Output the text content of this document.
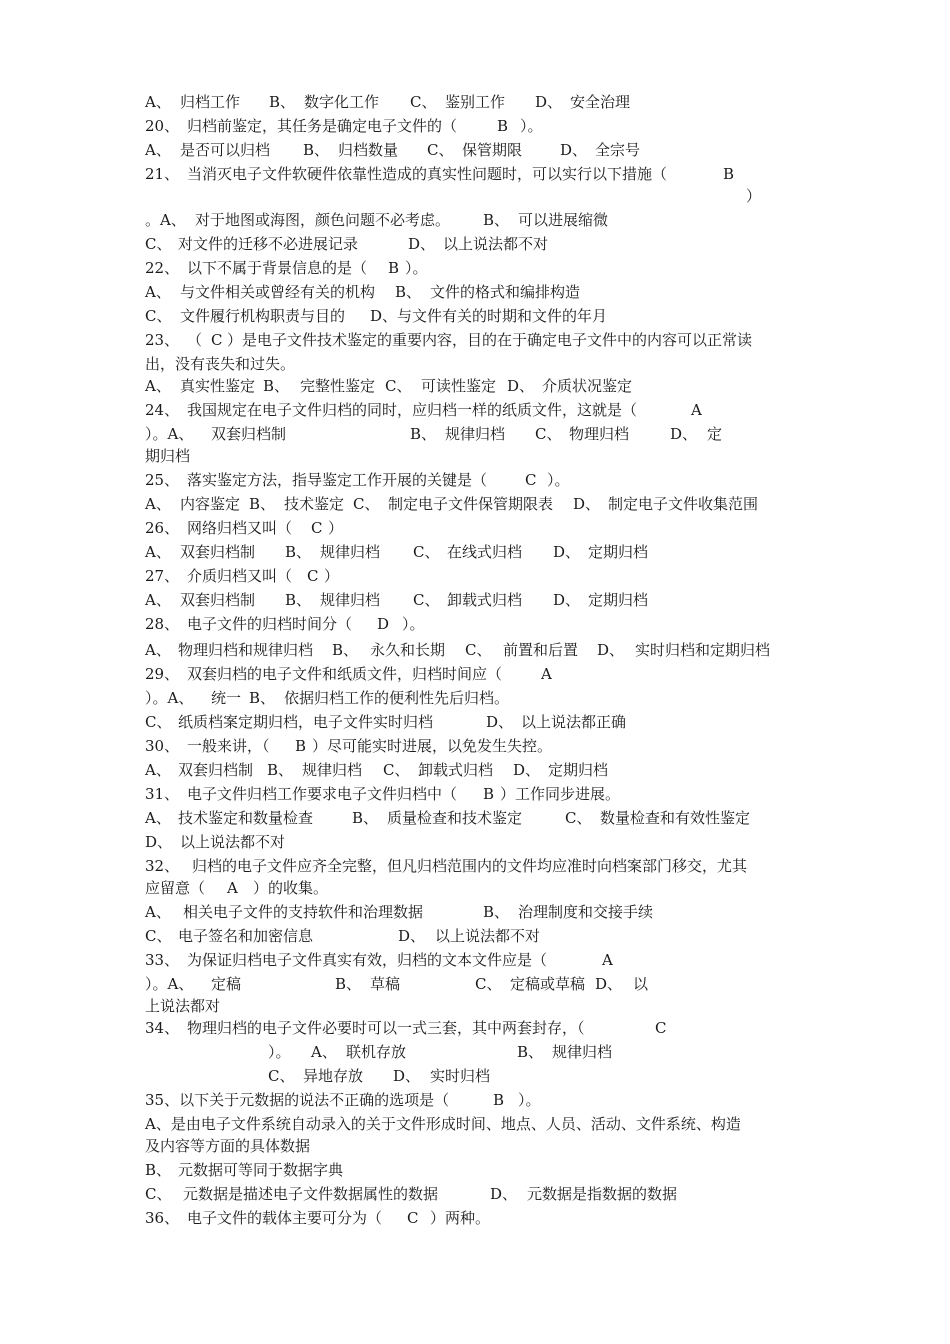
A、 归档工作 B、 数字化工作 C、 鉴别工作 D、 安全治理
20、 归档前鉴定，其任务是确定电子文件的（	B ）。
A、 是否可以归档 B、 归档数量 C、 保管期限	D、 全宗号
21、 当消灭电子文件软硬件依靠性造成的真实性问题时，可以实行以下措施（	B
）
。A、 对于地图或海图，颜色问题不必考虑。 B、 可以进展缩微
C、 对文件的迁移不必进展记录	D、 以上说法都不对
22、 以下不属于背景信息的是（ B ）。
A、 与文件相关或曾经有关的机构 B、 文件的格式和编排构造
C、 文件履行机构职责与目的 D、与文件有关的时期和文件的年月
23、 （ C ）是电子文件技术鉴定的重要内容，目的在于确定电子文件中的内容可以正常读
出，没有丧失和过失。
A、 真实性鉴定 B、 完整性鉴定 C、 可读性鉴定 D、 介质状况鉴定
24、 我国规定在电子文件归档的同时，应归档一样的纸质文件，这就是（	A
）。A、 双套归档制	B、 规律归档 C、 物理归档	D、 定
期归档
25、 落实鉴定方法，指导鉴定工作开展的关键是（	C ）。
A、 内容鉴定 B、 技术鉴定 C、 制定电子文件保管期限表 D、 制定电子文件收集范围
26、 网络归档又叫（ C ）
A、 双套归档制 B、 规律归档 C、 在线式归档 D、 定期归档
27、 介质归档又叫（ C ）
A、 双套归档制 B、 规律归档 C、 卸载式归档 D、 定期归档
28、 电子文件的归档时间分（ D ）。
A、 物理归档和规律归档 B、 永久和长期 C、 前置和后置 D、 实时归档和定期归档
29、 双套归档的电子文件和纸质文件，归档时间应（	A
）。A、 统一 B、 依据归档工作的便利性先后归档。
C、 纸质档案定期归档，电子文件实时归档	D、 以上说法都正确
30、 一般来讲，（ B ）尽可能实时进展，以免发生失控。
A、 双套归档制 B、 规律归档 C、 卸载式归档 D、 定期归档
31、 电子文件归档工作要求电子文件归档中（ B ）工作同步进展。
A、 技术鉴定和数量检查	B、 质量检查和技术鉴定	C、 数量检查和有效性鉴定
D、 以上说法都不对
32、 归档的电子文件应齐全完整，但凡归档范围内的文件均应准时向档案部门移交，尤其
应留意（ A ）的收集。
A、 相关电子文件的支持软件和治理数据	B、 治理制度和交接手续
C、 电子签名和加密信息	D、 以上说法都不对
33、 为保证归档电子文件真实有效，归档的文本文件应是（	A
）。A、 定稿	B、 草稿	C、 定稿或草稿 D、 以
上说法都对
34、 物理归档的电子文件必要时可以一式三套，其中两套封存，（	C
）。 A、 联机存放	B、 规律归档
C、 异地存放 D、 实时归档
35、以下关于元数据的说法不正确的选项是（	B ）。
A、是由电子文件系统自动录入的关于文件形成时间、地点、人员、活动、文件系统、构造
及内容等方面的具体数据
B、 元数据可等同于数据字典
C、 元数据是描述电子文件数据属性的数据	D、 元数据是指数据的数据
36、 电子文件的载体主要可分为（ C ）两种。
